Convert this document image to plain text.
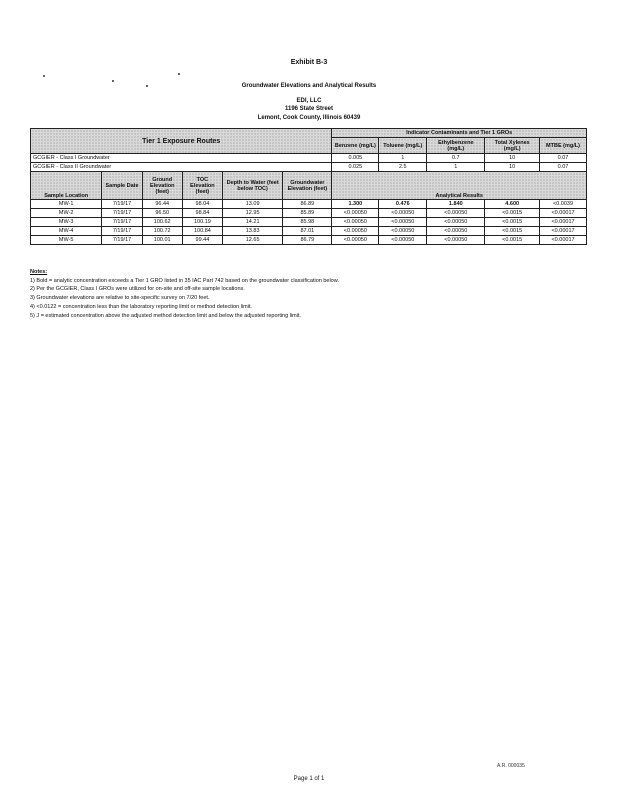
Exhibit B-3
Groundwater Elevations and Analytical Results
EDI, LLC
1196 State Street
Lemont, Cook County, Illinois 60439
Tier 1 Exposure Routes						Indicator Contaminants and Tier 1 GROs				
						Benzene (mg/L)	Toluene (mg/L)	Ethylbenzene (mg/L)	Total Xylenes (mg/L)	MTBE (mg/L)
GCGIER - Class I Groundwater						0.005	1	0.7	10	0.07
GCGIER - Class II Groundwater						0.025	2.5	1	10	0.07
Sample Location	Sample Date	Ground Elevation (feet)	TOC Elevation (feet)	Depth to Water (feet below TOC)	Groundwater Elevation (feet)	Analytical Results				
MW-1	7/19/17	96.44	98.04	13.09	86.89	1.300	0.476	1.840	4.600	<0.0039
MW-2	7/19/17	96.50	98.84	12.95	85.89	<0.00050	<0.00050	<0.00050	<0.0015	<0.00017
MW-3	7/19/17	100.62	100.19	14.21	85.98	<0.00050	<0.00050	<0.00050	<0.0015	<0.00017
MW-4	7/19/17	100.72	100.84	13.83	87.01	<0.00050	<0.00050	<0.00050	<0.0015	<0.00017
MW-5	7/19/17	100.01	99.44	12.65	86.79	<0.00050	<0.00050	<0.00050	<0.0015	<0.00017
Notes:
1) Bold = analytic concentration exceeds a Tier 1 GRO listed in 35 IAC Part 742 based on the groundwater classification below.
2) Per the GCGIER, Class I GROs were utilized for on-site and off-site sample locations.
3) Groundwater elevations are relative to site-specific survey on 7/20 feet.
4) <0.0122 = concentration less than the laboratory reporting limit or method detection limit.
5) J = estimated concentration above the adjusted method detection limit and below the adjusted reporting limit.
A.R. 000035
Page 1 of 1
